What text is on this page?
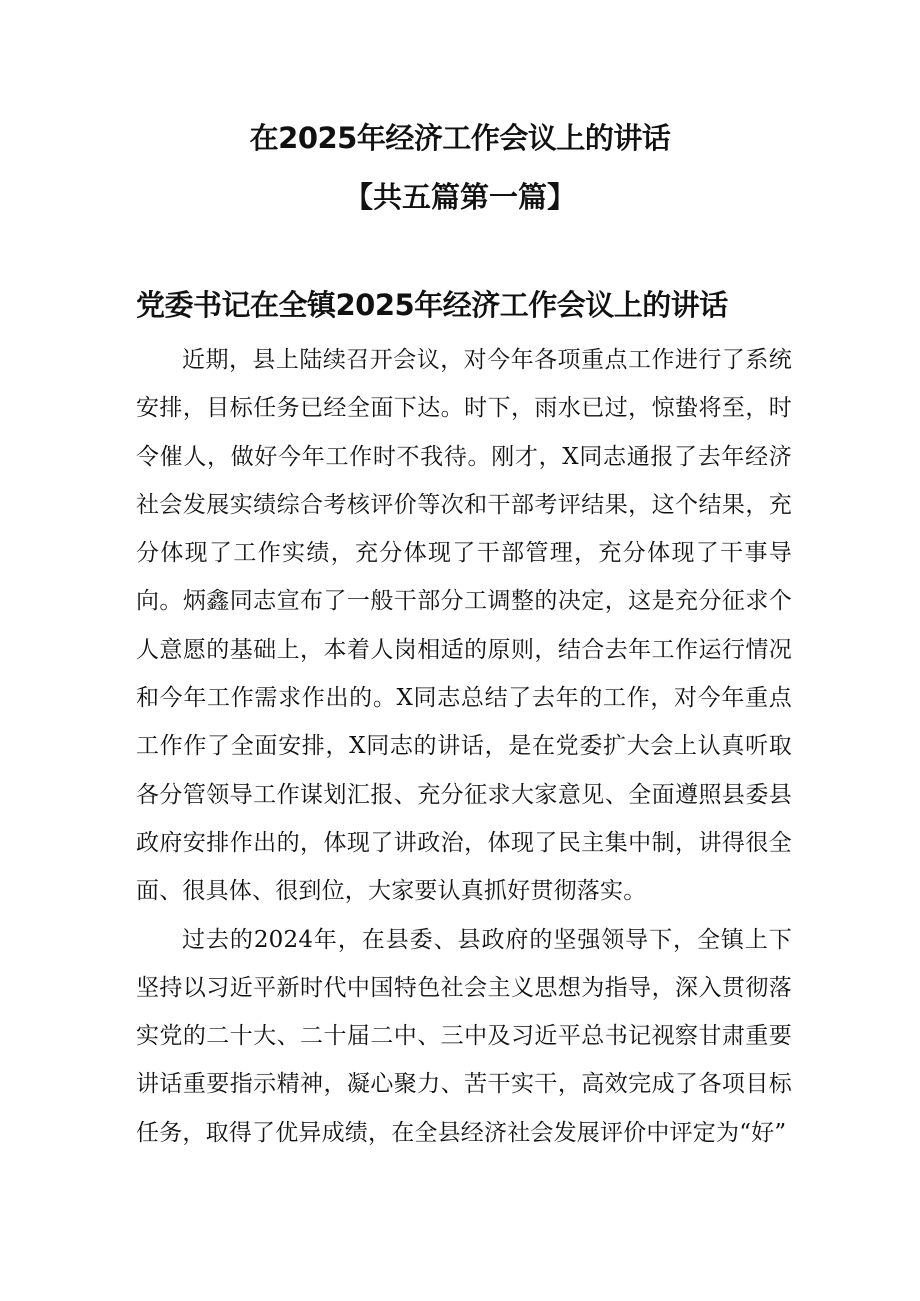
在2025年经济工作会议上的讲话
【共五篇第一篇】
党委书记在全镇2025年经济工作会议上的讲话

近期，县上陆续召开会议，对今年各项重点工作进行了系统安排，目标任务已经全面下达。时下，雨水已过，惊蛰将至，时令催人，做好今年工作时不我待。刚才，X同志通报了去年经济社会发展实绩综合考核评价等次和干部考评结果，这个结果，充分体现了工作实绩，充分体现了干部管理，充分体现了干事导向。炳鑫同志宣布了一般干部分工调整的决定，这是充分征求个人意愿的基础上，本着人岗相适的原则，结合去年工作运行情况和今年工作需求作出的。X同志总结了去年的工作，对今年重点工作作了全面安排，X同志的讲话，是在党委扩大会上认真听取各分管领导工作谋划汇报、充分征求大家意见、全面遵照县委县政府安排作出的，体现了讲政治，体现了民主集中制，讲得很全面、很具体、很到位，大家要认真抓好贯彻落实。

过去的2024年，在县委、县政府的坚强领导下，全镇上下坚持以习近平新时代中国特色社会主义思想为指导，深入贯彻落实党的二十大、二十届二中、三中及习近平总书记视察甘肃重要讲话重要指示精神，凝心聚力、苦干实干，高效完成了各项目标任务，取得了优异成绩，在全县经济社会发展评价中评定为“好”
